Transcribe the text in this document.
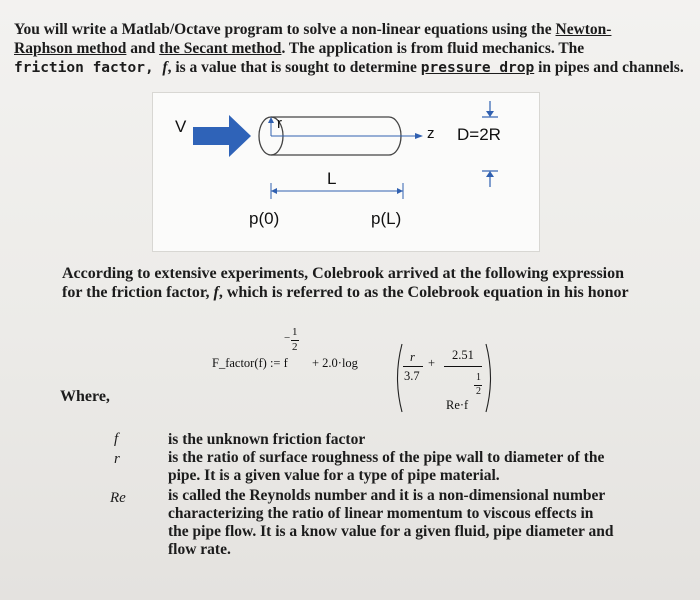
You will write a Matlab/Octave program to solve a non-linear equations using the Newton-
Raphson method and the Secant method. The application is from fluid mechanics. The
friction factor, f, is a value that is sought to determine pressure drop in pipes and channels.
V	r
z D=2R
L
p(0)	p(L)
According to extensive experiments, Colebrook arrived at the following expression
for the friction factor, f, which is referred to as the Colebrook equation in his honor
F_factor(f) := f
− 1
2
+ 2.0·log	r
3.7
+
2.51
1
Re·f
2
Where,
f	is the unknown friction factor
r	is the ratio of surface roughness of the pipe wall to diameter of the
pipe. It is a given value for a type of pipe material.
Re	is called the Reynolds number and it is a non-dimensional number
characterizing the ratio of linear momentum to viscous effects in
the pipe flow. It is a know value for a given fluid, pipe diameter and
flow rate.
